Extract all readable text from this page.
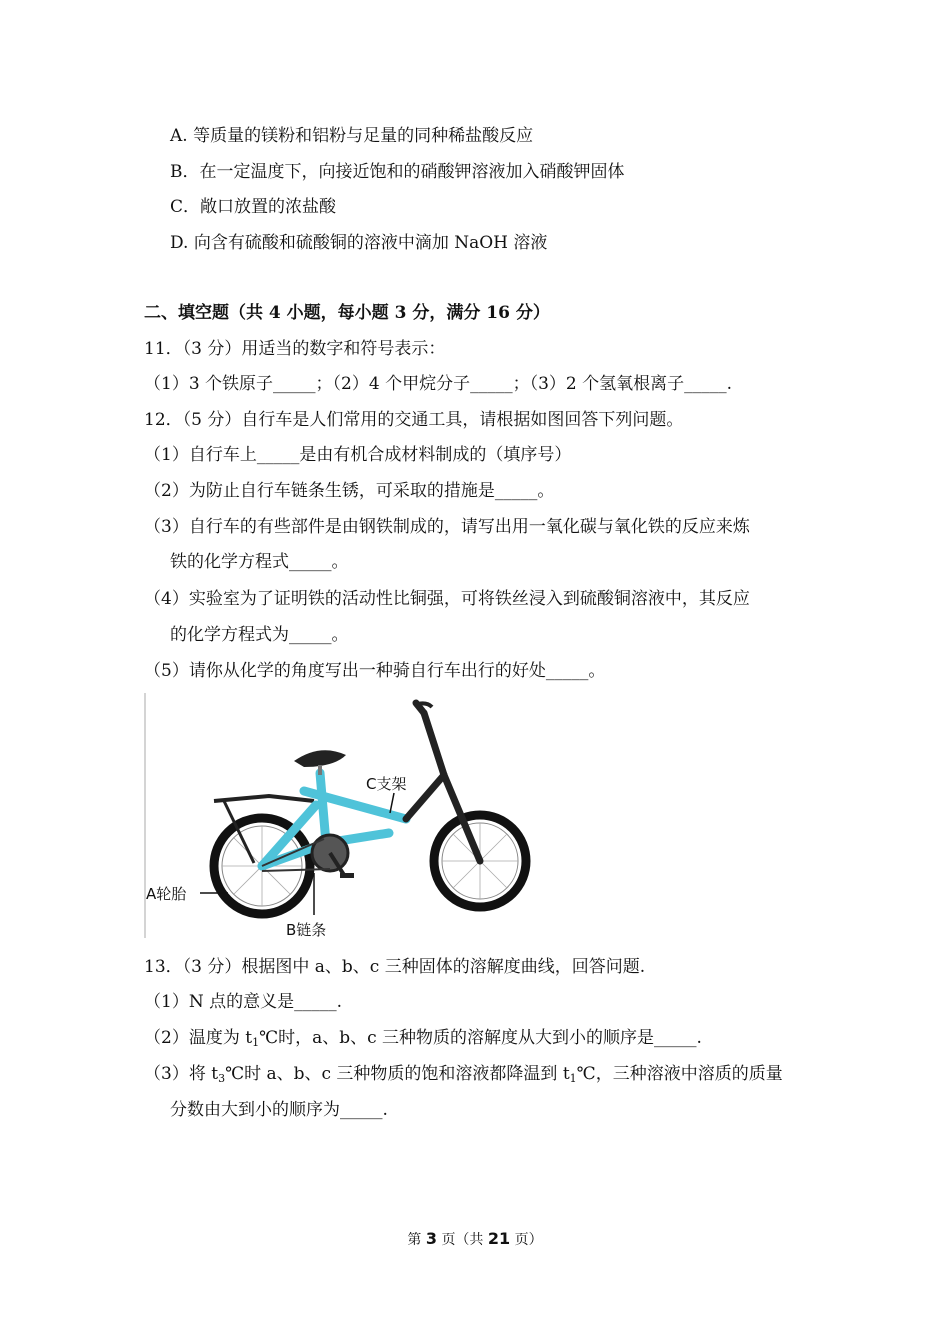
A. 等质量的镁粉和铝粉与足量的同种稀盐酸反应
B．在一定温度下，向接近饱和的硝酸钾溶液加入硝酸钾固体
C．敞口放置的浓盐酸
D. 向含有硫酸和硫酸铜的溶液中滴加 NaOH 溶液
二、填空题（共 4 小题，每小题 3 分，满分 16 分）
11．（3 分）用适当的数字和符号表示：
（1）3 个铁原子_____；（2）4 个甲烷分子_____；（3）2 个氢氧根离子_____.
12．（5 分）自行车是人们常用的交通工具，请根据如图回答下列问题。
（1）自行车上_____是由有机合成材料制成的（填序号）
（2）为防止自行车链条生锈，可采取的措施是_____。
（3）自行车的有些部件是由钢铁制成的，请写出用一氧化碳与氧化铁的反应来炼
铁的化学方程式_____。
（4）实验室为了证明铁的活动性比铜强，可将铁丝浸入到硫酸铜溶液中，其反应
的化学方程式为_____。
（5）请你从化学的角度写出一种骑自行车出行的好处_____。
A轮胎
B链条
C支架
13．（3 分）根据图中 a、b、c 三种固体的溶解度曲线，回答问题.
（1）N 点的意义是_____.
（2）温度为 $t_1℃$时，a、b、c 三种物质的溶解度从大到小的顺序是_____.
（3）将 $t_3℃$时 a、b、c 三种物质的饱和溶液都降温到 $t_1℃$，三种溶液中溶质的质量
分数由大到小的顺序为_____.
第 3 页（共 21 页）
